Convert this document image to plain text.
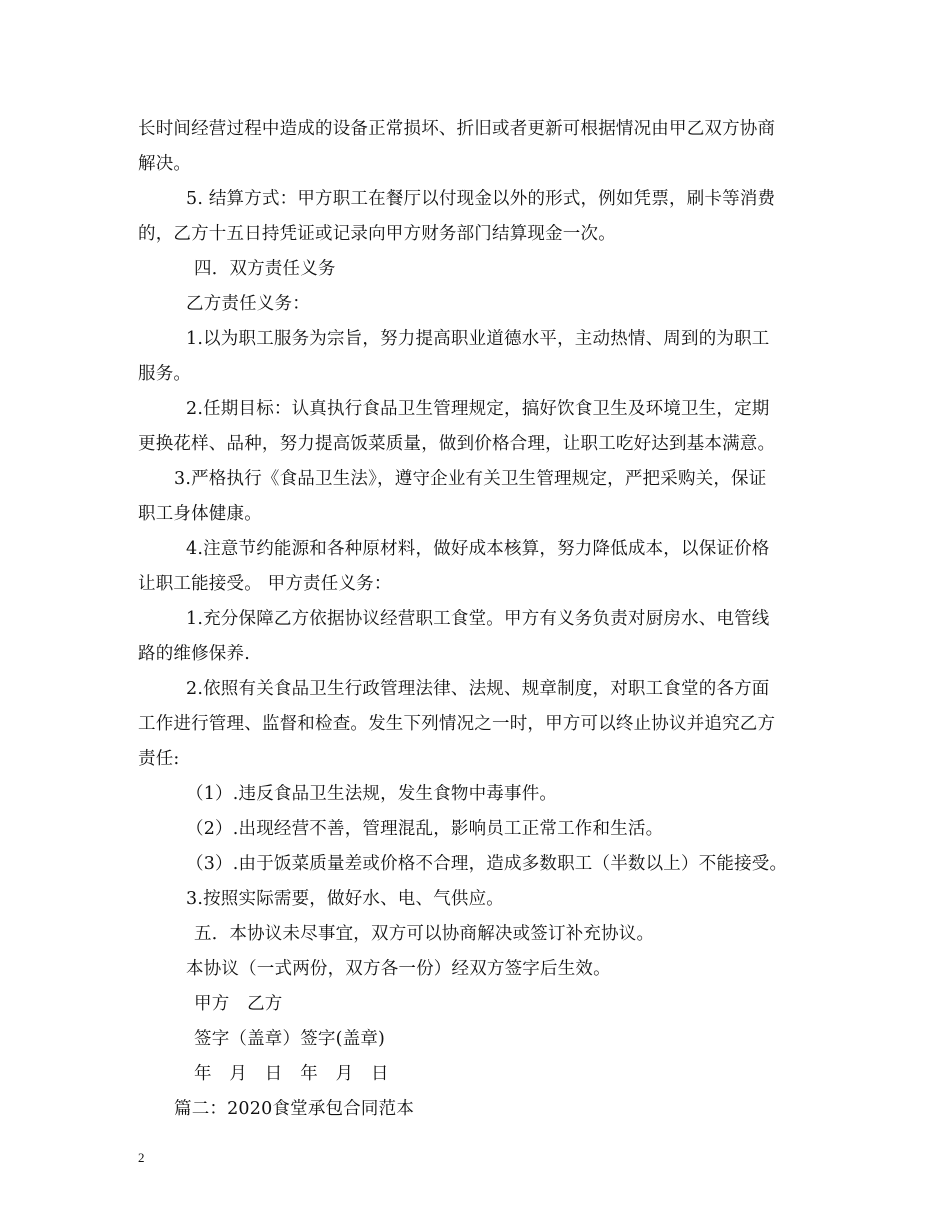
长时间经营过程中造成的设备正常损坏、折旧或者更新可根据情况由甲乙双方协商
解决。
5. 结算方式：甲方职工在餐厅以付现金以外的形式，例如凭票，刷卡等消费
的，乙方十五日持凭证或记录向甲方财务部门结算现金一次。
四．双方责任义务
乙方责任义务：
1.以为职工服务为宗旨，努力提高职业道德水平，主动热情、周到的为职工
服务。
2.任期目标：认真执行食品卫生管理规定，搞好饮食卫生及环境卫生，定期
更换花样、品种，努力提高饭菜质量，做到价格合理，让职工吃好达到基本满意。
3.严格执行《食品卫生法》，遵守企业有关卫生管理规定，严把采购关，保证
职工身体健康。
4.注意节约能源和各种原材料，做好成本核算，努力降低成本，以保证价格
让职工能接受。 甲方责任义务：
1.充分保障乙方依据协议经营职工食堂。甲方有义务负责对厨房水、电管线
路的维修保养.
2.依照有关食品卫生行政管理法律、法规、规章制度，对职工食堂的各方面
工作进行管理、监督和检查。发生下列情况之一时，甲方可以终止协议并追究乙方
责任:
（1）.违反食品卫生法规，发生食物中毒事件。
（2）.出现经营不善，管理混乱，影响员工正常工作和生活。
（3）.由于饭菜质量差或价格不合理，造成多数职工（半数以上）不能接受。
3.按照实际需要，做好水、电、气供应。
五．本协议未尽事宜，双方可以协商解决或签订补充协议。
本协议（一式两份，双方各一份）经双方签字后生效。
甲方　乙方
签字（盖章）签字(盖章)
年　月　日　年　月　日
篇二：2020食堂承包合同范本
2
